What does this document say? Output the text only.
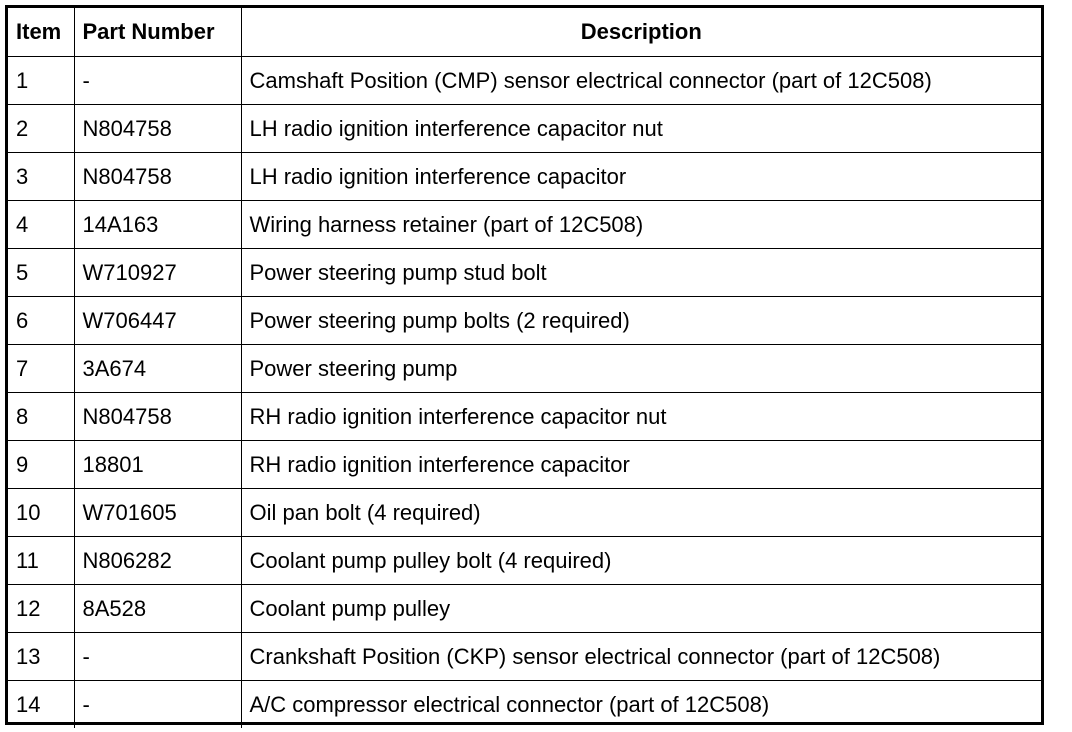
Item	Part Number	Description
1	-	Camshaft Position (CMP) sensor electrical connector (part of 12C508)
2	N804758	LH radio ignition interference capacitor nut
3	N804758	LH radio ignition interference capacitor
4	14A163	Wiring harness retainer (part of 12C508)
5	W710927	Power steering pump stud bolt
6	W706447	Power steering pump bolts (2 required)
7	3A674	Power steering pump
8	N804758	RH radio ignition interference capacitor nut
9	18801	RH radio ignition interference capacitor
10	W701605	Oil pan bolt (4 required)
11	N806282	Coolant pump pulley bolt (4 required)
12	8A528	Coolant pump pulley
13	-	Crankshaft Position (CKP) sensor electrical connector (part of 12C508)
14	-	A/C compressor electrical connector (part of 12C508)
